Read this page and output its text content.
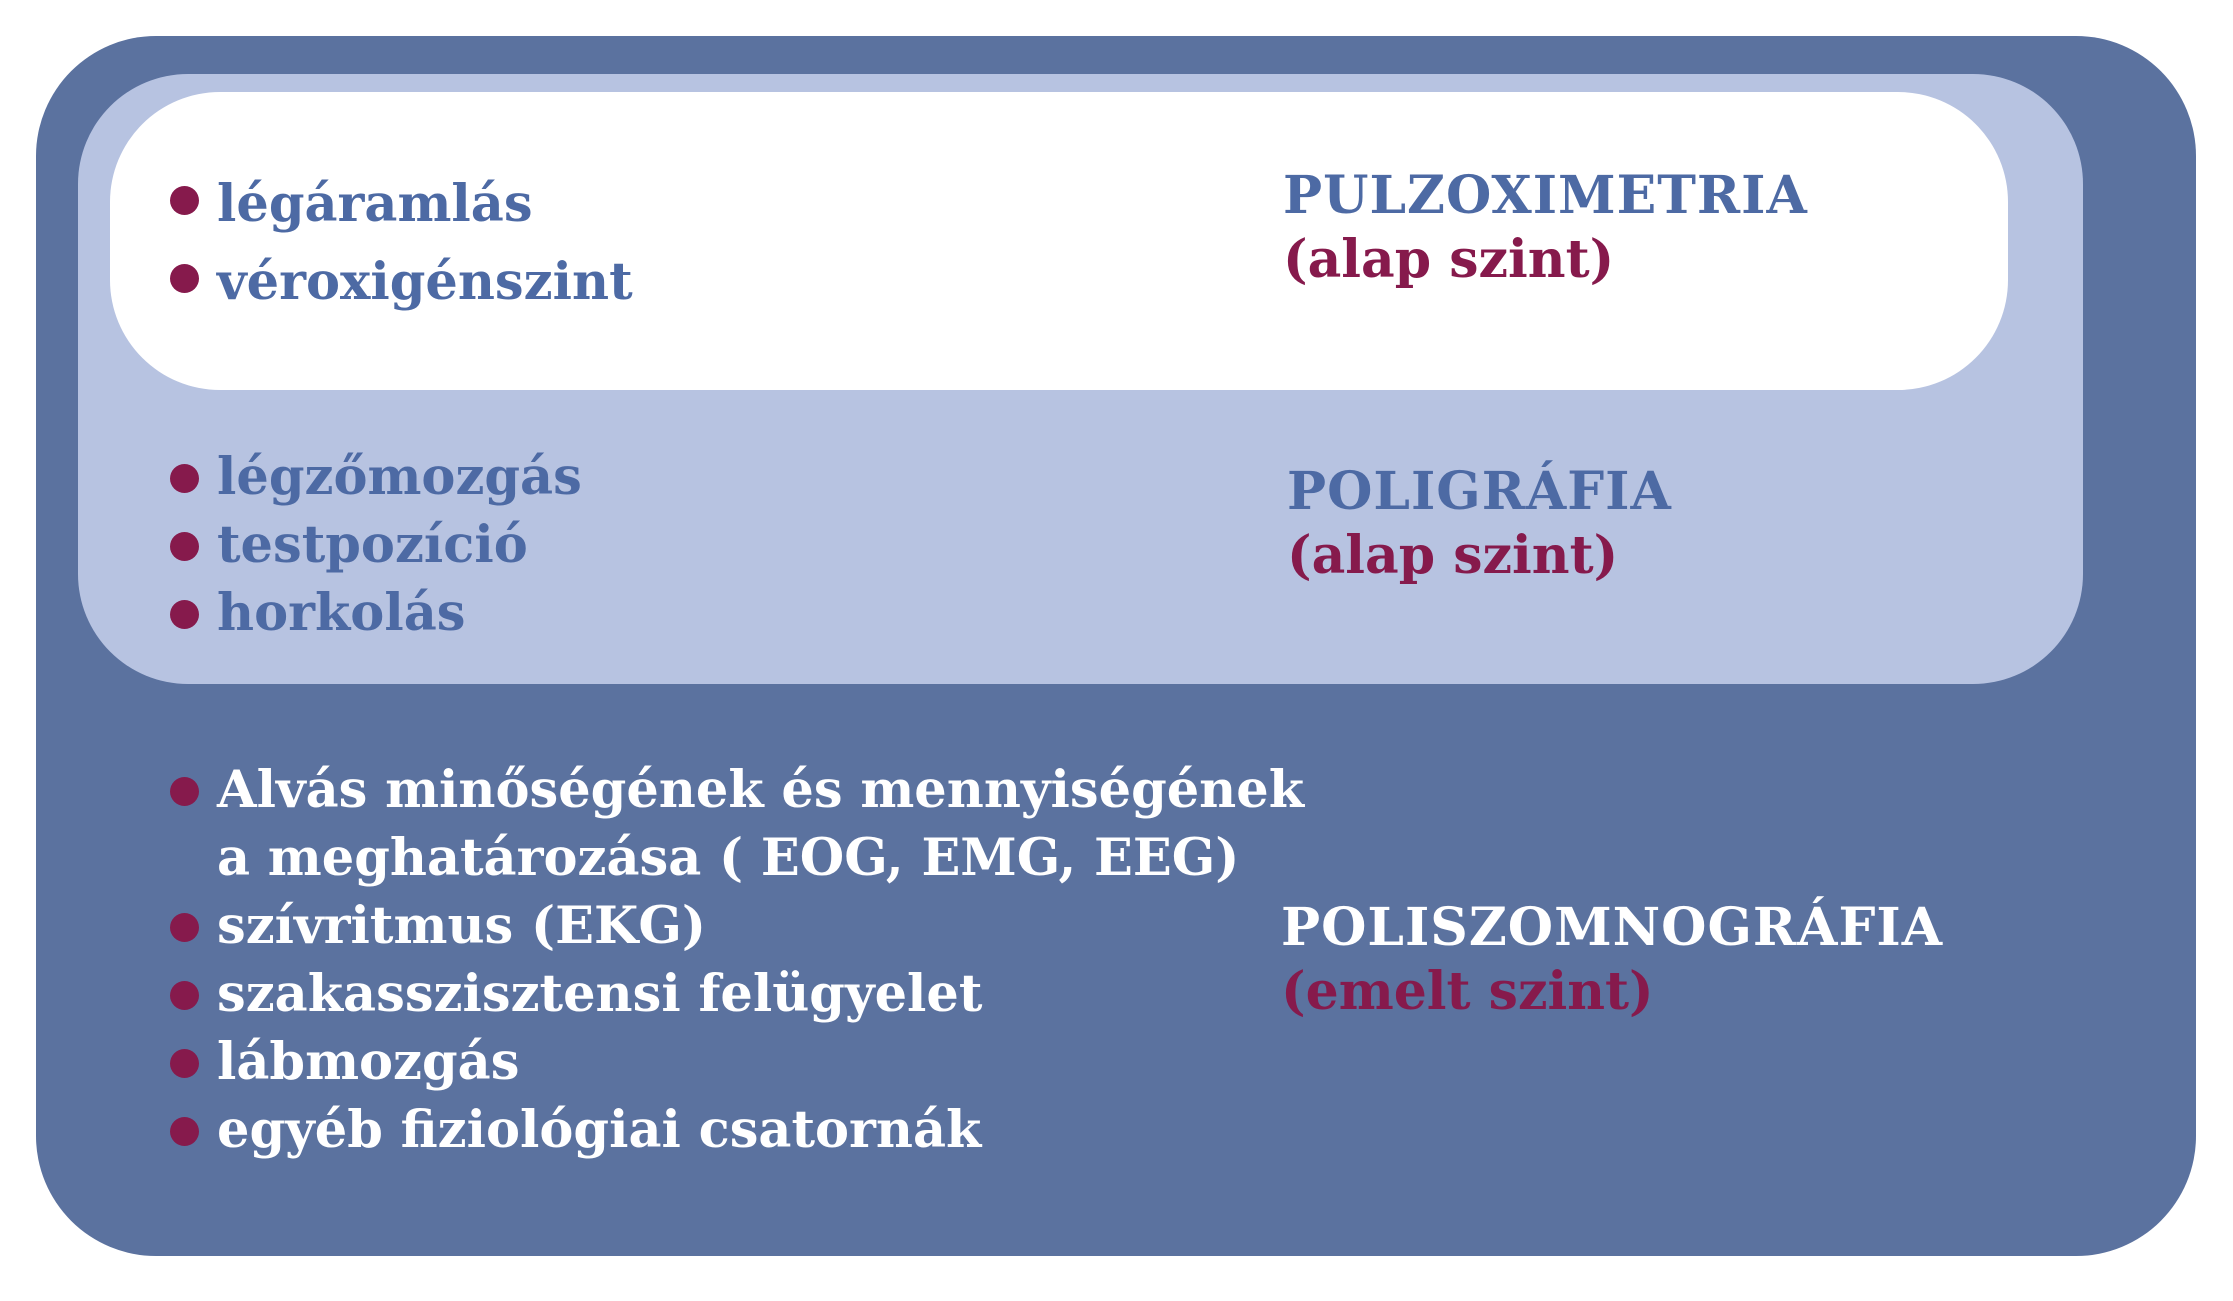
légáramlás
véroxigénszint
PULZOXIMETRIA
(alap szint)
légzőmozgás
testpozíció
horkolás
POLIGRÁFIA
(alap szint)
Alvás minőségének és mennyiségének
a meghatározása ( EOG, EMG, EEG)
szívritmus (EKG)
szakasszisztensi felügyelet
lábmozgás
egyéb fiziológiai csatornák
POLISZOMNOGRÁFIA
(emelt szint)
